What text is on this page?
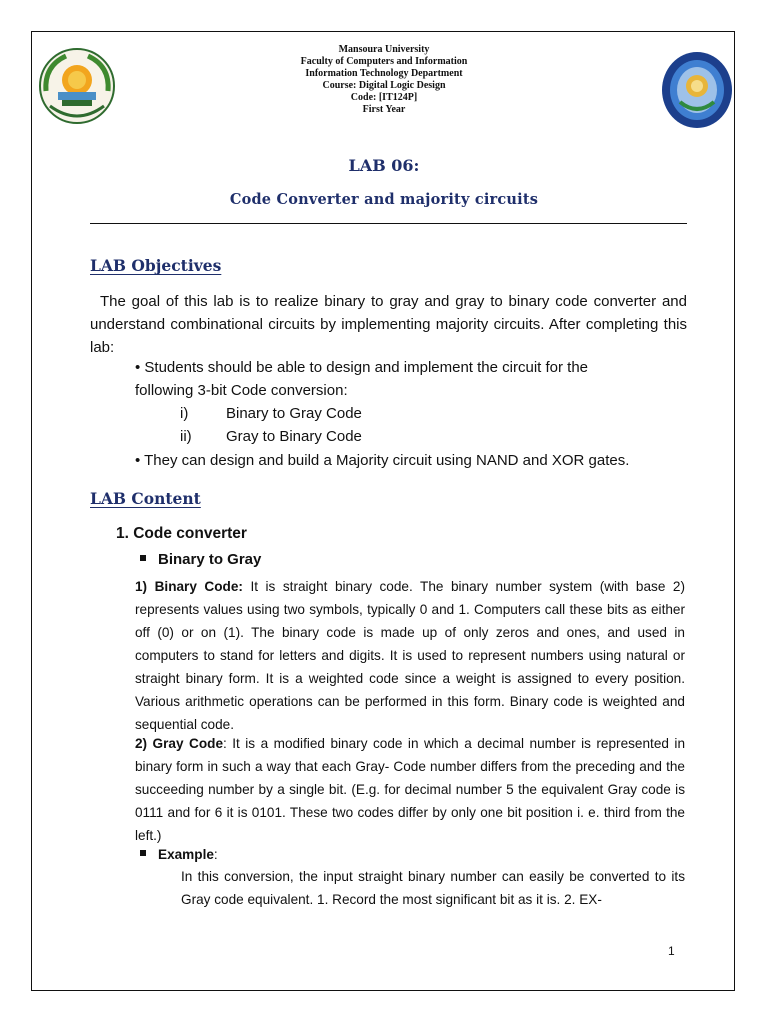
Mansoura University
Faculty of Computers and Information
Information Technology Department
Course: Digital Logic Design
Code: [IT124P]
First Year
LAB 06:
Code Converter and majority circuits
LAB Objectives
The goal of this lab is to realize binary to gray and gray to binary code converter and understand combinational circuits by implementing majority circuits. After completing this lab:
• Students should be able to design and implement the circuit for the
following 3-bit Code conversion:
i)	Binary to Gray Code
ii) Gray to Binary Code
• They can design and build a Majority circuit using NAND and XOR gates.
LAB Content
1. Code converter
Binary to Gray
1) Binary Code: It is straight binary code. The binary number system (with base 2) represents values using two symbols, typically 0 and 1. Computers call these bits as either off (0) or on (1). The binary code is made up of only zeros and ones, and used in computers to stand for letters and digits. It is used to represent numbers using natural or straight binary form. It is a weighted code since a weight is assigned to every position. Various arithmetic operations can be performed in this form. Binary code is weighted and sequential code.
2) Gray Code: It is a modified binary code in which a decimal number is represented in binary form in such a way that each Gray- Code number differs from the preceding and the succeeding number by a single bit. (E.g. for decimal number 5 the equivalent Gray code is 0111 and for 6 it is 0101. These two codes differ by only one bit position i. e. third from the left.)
Example:
In this conversion, the input straight binary number can easily be converted to its Gray code equivalent. 1. Record the most significant bit as it is. 2. EX-
1
